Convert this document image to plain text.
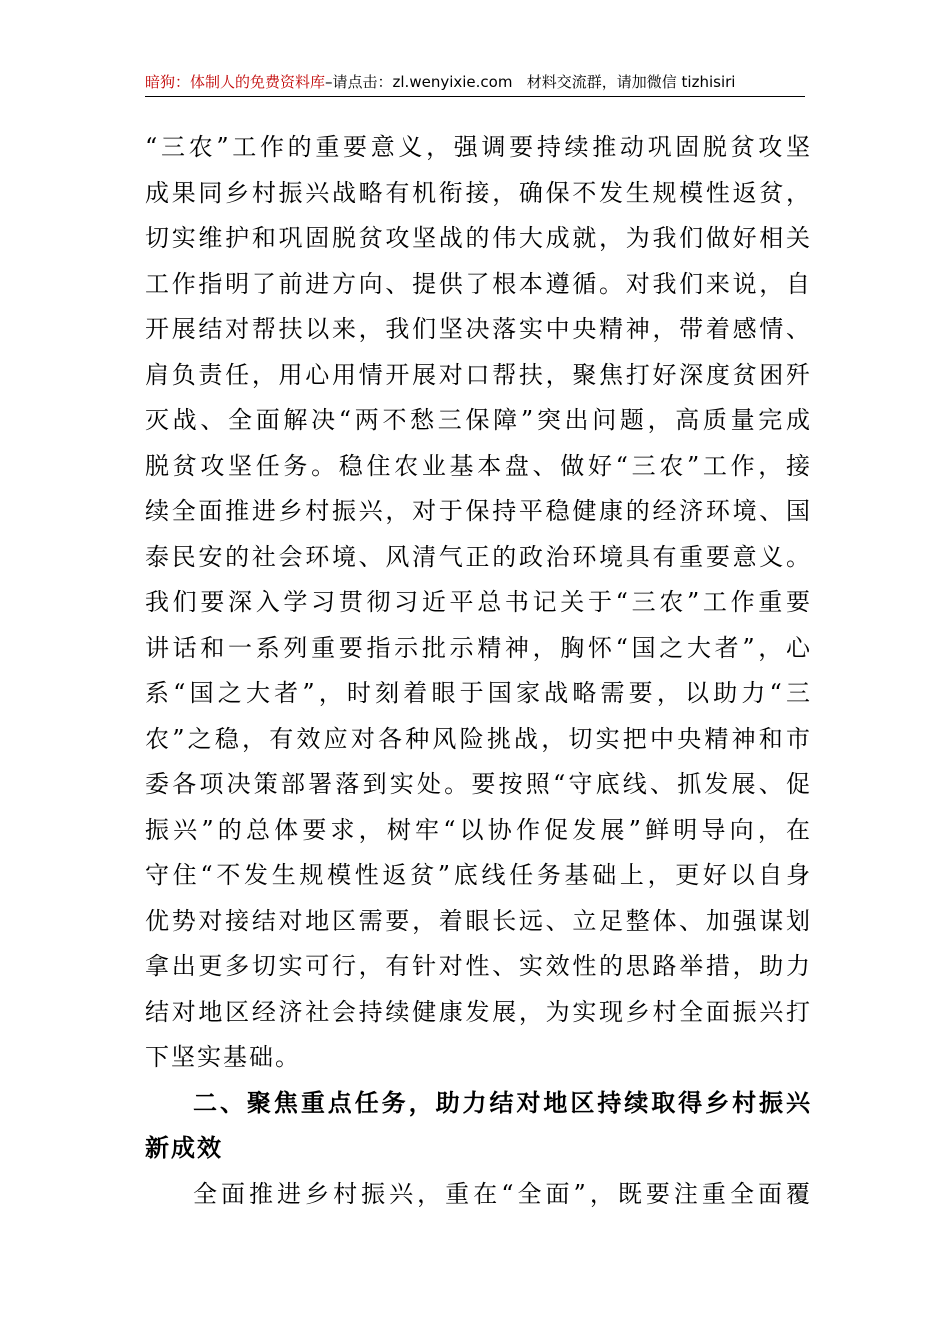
暗狗：体制人的免费资料库–请点击：zl.wenyixie.com 材料交流群，请加微信 tizhisiri
“三农”工作的重要意义，强调要持续推动巩固脱贫攻坚
成果同乡村振兴战略有机衔接，确保不发生规模性返贫，
切实维护和巩固脱贫攻坚战的伟大成就，为我们做好相关
工作指明了前进方向、提供了根本遵循。对我们来说，自
开展结对帮扶以来，我们坚决落实中央精神，带着感情、
肩负责任，用心用情开展对口帮扶，聚焦打好深度贫困歼
灭战、全面解决“两不愁三保障”突出问题，高质量完成
脱贫攻坚任务。稳住农业基本盘、做好“三农”工作，接
续全面推进乡村振兴，对于保持平稳健康的经济环境、国
泰民安的社会环境、风清气正的政治环境具有重要意义。
我们要深入学习贯彻习近平总书记关于“三农”工作重要
讲话和一系列重要指示批示精神，胸怀“国之大者”，心
系“国之大者”，时刻着眼于国家战略需要，以助力“三
农”之稳，有效应对各种风险挑战，切实把中央精神和市
委各项决策部署落到实处。要按照“守底线、抓发展、促
振兴”的总体要求，树牢“以协作促发展”鲜明导向，在
守住“不发生规模性返贫”底线任务基础上，更好以自身
优势对接结对地区需要，着眼长远、立足整体、加强谋划
拿出更多切实可行，有针对性、实效性的思路举措，助力
结对地区经济社会持续健康发展，为实现乡村全面振兴打
下坚实基础。
二、聚焦重点任务，助力结对地区持续取得乡村振兴
新成效
全面推进乡村振兴，重在“全面”，既要注重全面覆
